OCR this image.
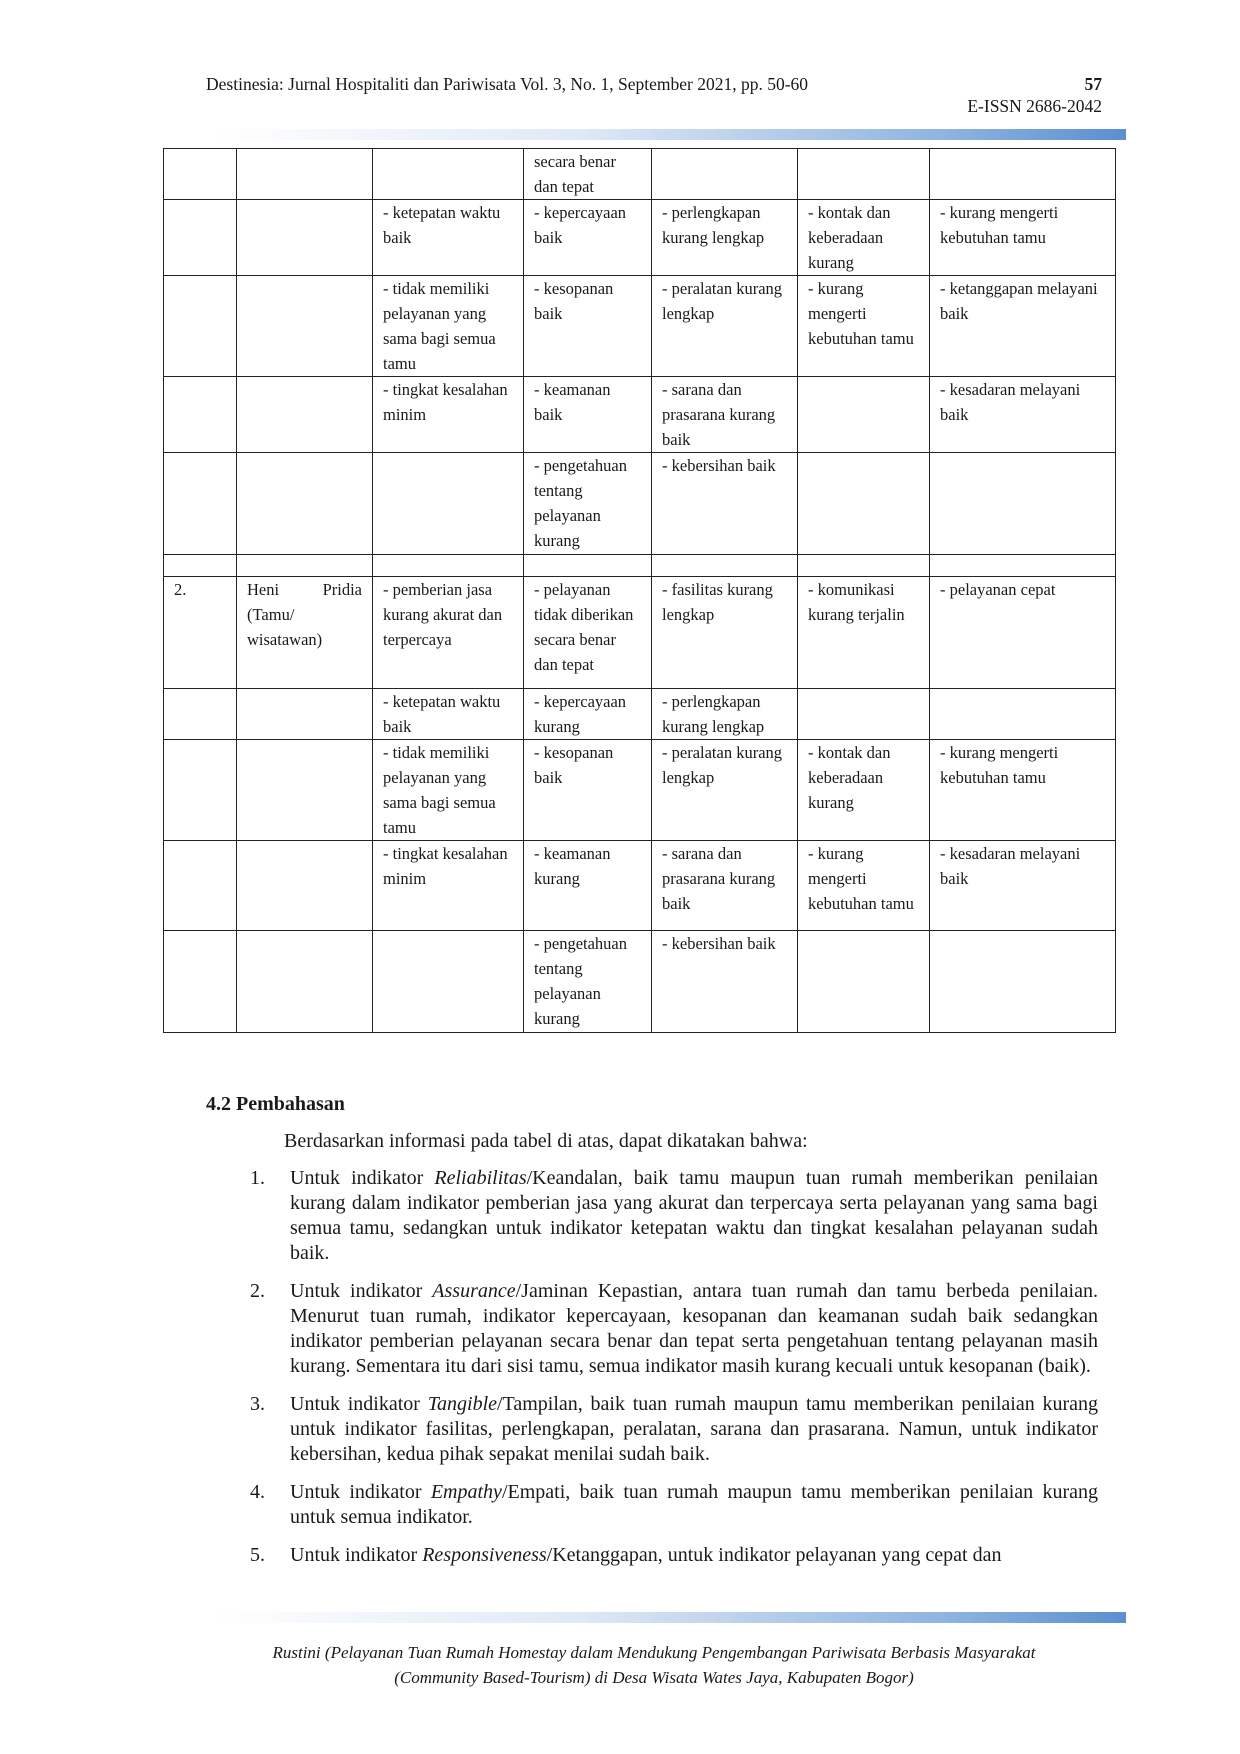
Destinesia: Jurnal Hospitaliti dan Pariwisata Vol. 3, No. 1, September 2021, pp. 50-60	57
E-ISSN 2686-2042
			secara benar dan tepat			
		- ketepatan waktu baik	- kepercayaan baik	- perlengkapan kurang lengkap	- kontak dan keberadaan kurang	- kurang mengerti kebutuhan tamu
		- tidak memiliki pelayanan yang sama bagi semua tamu	- kesopanan baik	- peralatan kurang lengkap	- kurang mengerti kebutuhan tamu	- ketanggapan melayani baik
		- tingkat kesalahan minim	- keamanan baik	- sarana dan prasarana kurang baik		- kesadaran melayani baik
			- pengetahuan tentang pelayanan kurang	- kebersihan baik		

2.	Heni Pridia (Tamu/ wisatawan)	- pemberian jasa kurang akurat dan terpercaya	- pelayanan tidak diberikan secara benar dan tepat	- fasilitas kurang lengkap	- komunikasi kurang terjalin	- pelayanan cepat
		- ketepatan waktu baik	- kepercayaan kurang	- perlengkapan kurang lengkap		
		- tidak memiliki pelayanan yang sama bagi semua tamu	- kesopanan baik	- peralatan kurang lengkap	- kontak dan keberadaan kurang	- kurang mengerti kebutuhan tamu
		- tingkat kesalahan minim	- keamanan kurang	- sarana dan prasarana kurang baik	- kurang mengerti kebutuhan tamu	- kesadaran melayani baik
			- pengetahuan tentang pelayanan kurang	- kebersihan baik		
4.2 Pembahasan
Berdasarkan informasi pada tabel di atas, dapat dikatakan bahwa:
1. Untuk indikator Reliabilitas/Keandalan, baik tamu maupun tuan rumah memberikan penilaian kurang dalam indikator pemberian jasa yang akurat dan terpercaya serta pelayanan yang sama bagi semua tamu, sedangkan untuk indikator ketepatan waktu dan tingkat kesalahan pelayanan sudah baik.
2. Untuk indikator Assurance/Jaminan Kepastian, antara tuan rumah dan tamu berbeda penilaian. Menurut tuan rumah, indikator kepercayaan, kesopanan dan keamanan sudah baik sedangkan indikator pemberian pelayanan secara benar dan tepat serta pengetahuan tentang pelayanan masih kurang. Sementara itu dari sisi tamu, semua indikator masih kurang kecuali untuk kesopanan (baik).
3. Untuk indikator Tangible/Tampilan, baik tuan rumah maupun tamu memberikan penilaian kurang untuk indikator fasilitas, perlengkapan, peralatan, sarana dan prasarana. Namun, untuk indikator kebersihan, kedua pihak sepakat menilai sudah baik.
4. Untuk indikator Empathy/Empati, baik tuan rumah maupun tamu memberikan penilaian kurang untuk semua indikator.
5. Untuk indikator Responsiveness/Ketanggapan, untuk indikator pelayanan yang cepat dan
Rustini (Pelayanan Tuan Rumah Homestay dalam Mendukung Pengembangan Pariwisata Berbasis Masyarakat
(Community Based-Tourism) di Desa Wisata Wates Jaya, Kabupaten Bogor)
